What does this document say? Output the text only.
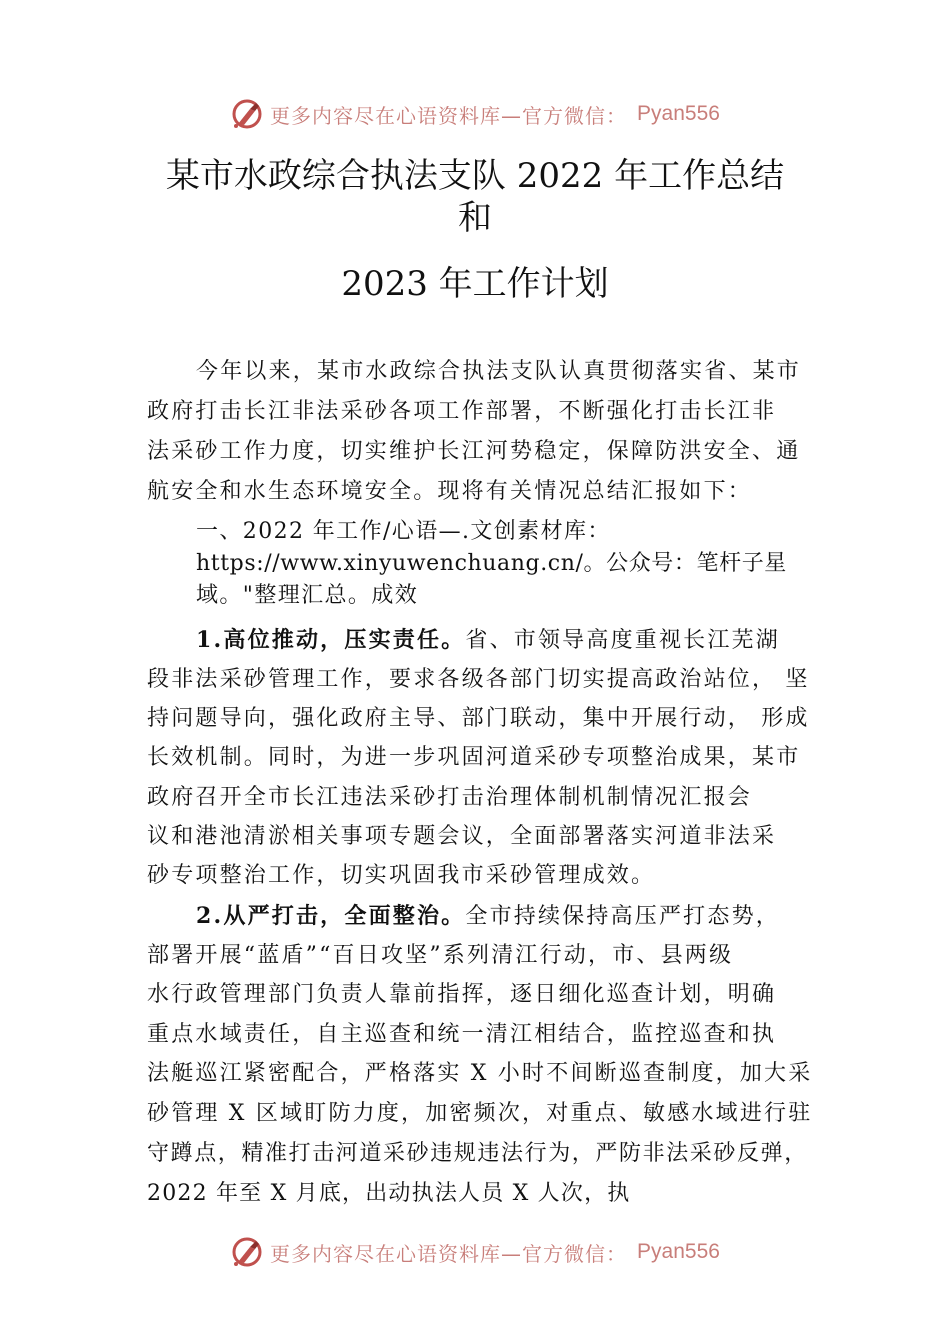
更多内容尽在心语资料库—官方微信： Pyan556
某市水政综合执法支队 2022 年工作总结
和
2023 年工作计划
今年以来，某市水政综合执法支队认真贯彻落实省、某市
政府打击长江非法采砂各项工作部署，不断强化打击长江非
法采砂工作力度，切实维护长江河势稳定，保障防洪安全、通
航安全和水生态环境安全。现将有关情况总结汇报如下：
一、2022 年工作/心语—.文创素材库：
https://www.xinyuwenchuang.cn/。公众号：笔杆子星
域。"整理汇总。成效
1.高位推动，压实责任。省、市领导高度重视长江芜湖
段非法采砂管理工作，要求各级各部门切实提高政治站位， 坚
持问题导向，强化政府主导、部门联动，集中开展行动， 形成
长效机制。同时，为进一步巩固河道采砂专项整治成果，某市
政府召开全市长江违法采砂打击治理体制机制情况汇报会
议和港池清淤相关事项专题会议，全面部署落实河道非法采
砂专项整治工作，切实巩固我市采砂管理成效。
2.从严打击，全面整治。全市持续保持高压严打态势，
部署开展“蓝盾”“百日攻坚”系列清江行动，市、县两级
水行政管理部门负责人靠前指挥，逐日细化巡查计划，明确
重点水域责任，自主巡查和统一清江相结合，监控巡查和执
法艇巡江紧密配合，严格落实 X 小时不间断巡查制度，加大采
砂管理 X 区域盯防力度，加密频次，对重点、敏感水域进行驻
守蹲点，精准打击河道采砂违规违法行为，严防非法采砂反弹，
2022 年至 X 月底，出动执法人员 X 人次，执
更多内容尽在心语资料库—官方微信： Pyan556
